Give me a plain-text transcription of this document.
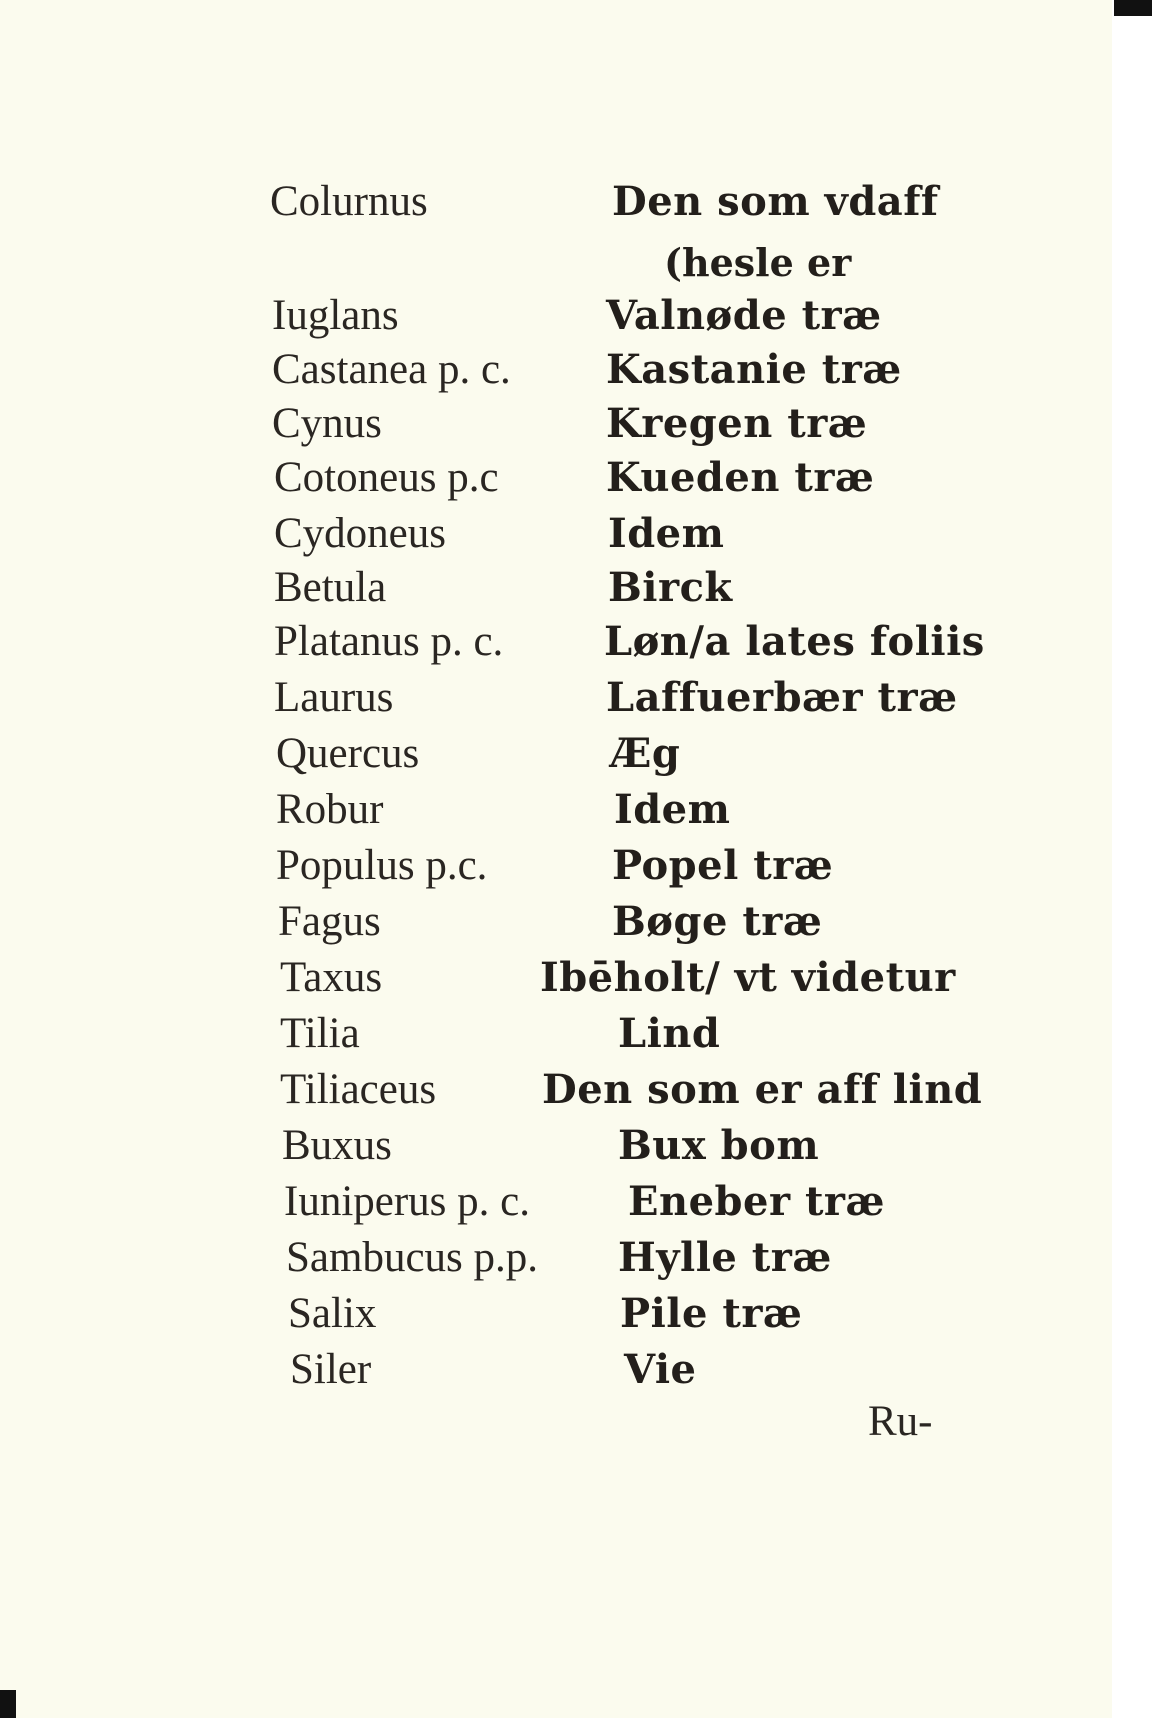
Colurnus	Den som vdaff
(hesle er
Iuglans	Valnøde træ
Castanea p. c. Kastanie træ
Cynus	Kregen træ
Cotoneus p.c	Kueden træ
Cydoneus	Idem
Betula	Birck
Platanus p. c.	Løn/a lates foliis
Laurus	Laffuerbær træ
Quercus	Æg
Robur	Idem
Populus p.c.	Popel træ
Fagus	Bøge træ
Taxus	Ibēholt/ vt videtur
Tilia	Lind
Tiliaceus	Den som er aff lind
Buxus	Bux bom
Iuniperus p. c. Eneber træ
Sambucus p.p. Hylle træ
Salix	Pile træ
Siler	Vie
Ru-
